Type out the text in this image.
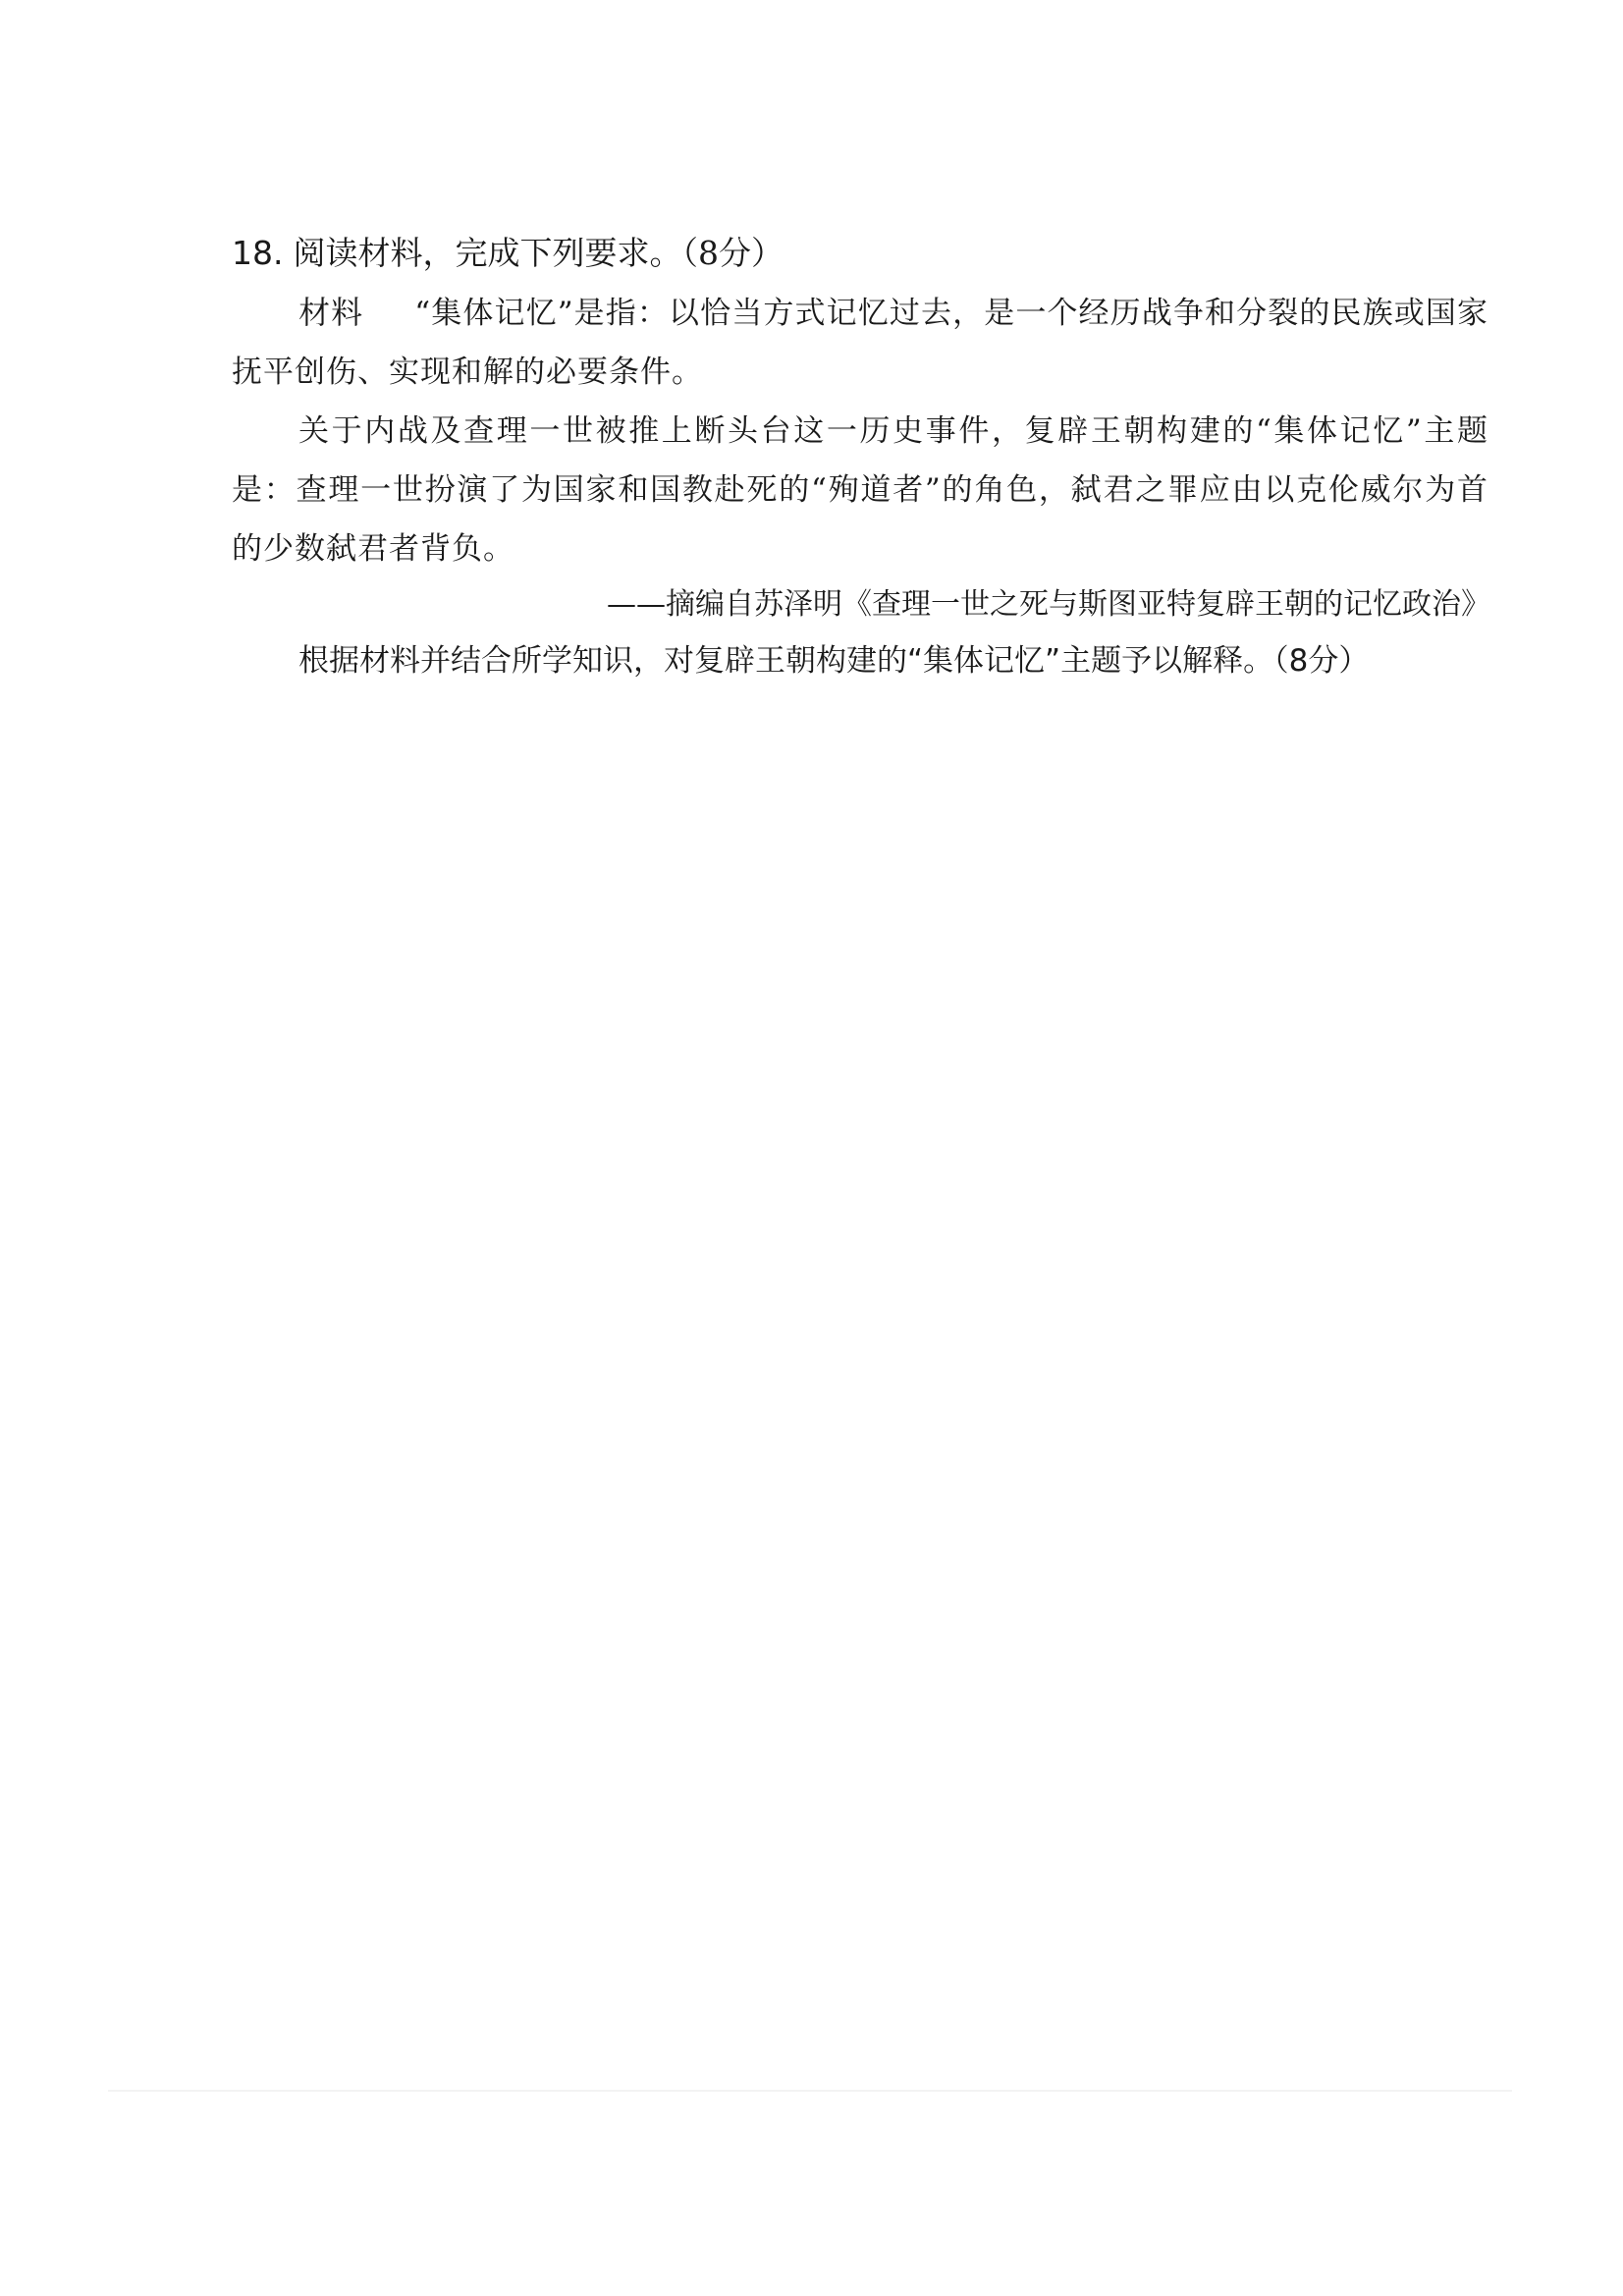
18. 阅读材料，完成下列要求。（8分）

材料 “集体记忆”是指：以恰当方式记忆过去，是一个经历战争和分裂的民族或国家抚平创伤、实现和解的必要条件。

关于内战及查理一世被推上断头台这一历史事件，复辟王朝构建的“集体记忆”主题是：查理一世扮演了为国家和国教赴死的“殉道者”的角色，弑君之罪应由以克伦威尔为首的少数弑君者背负。

——摘编自苏泽明《查理一世之死与斯图亚特复辟王朝的记忆政治》

根据材料并结合所学知识，对复辟王朝构建的“集体记忆”主题予以解释。（8分）
